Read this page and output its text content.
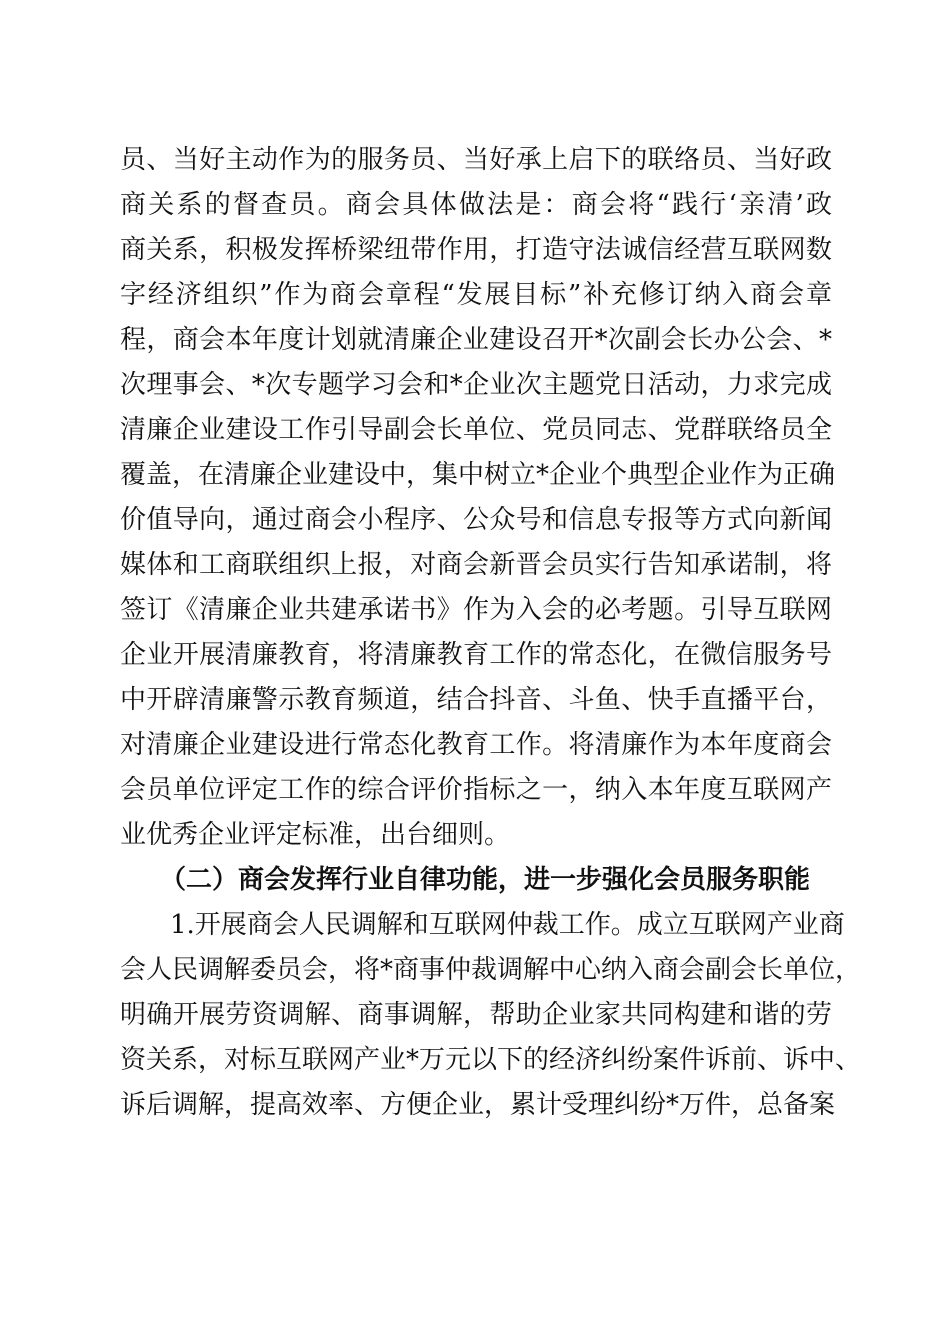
员、当好主动作为的服务员、当好承上启下的联络员、当好政
商关系的督查员。商会具体做法是：商会将“践行‘亲清’政
商关系，积极发挥桥梁纽带作用，打造守法诚信经营互联网数
字经济组织”作为商会章程“发展目标”补充修订纳入商会章
程，商会本年度计划就清廉企业建设召开*次副会长办公会、*
次理事会、*次专题学习会和*企业次主题党日活动，力求完成
清廉企业建设工作引导副会长单位、党员同志、党群联络员全
覆盖，在清廉企业建设中，集中树立*企业个典型企业作为正确
价值导向，通过商会小程序、公众号和信息专报等方式向新闻
媒体和工商联组织上报，对商会新晋会员实行告知承诺制，将
签订《清廉企业共建承诺书》作为入会的必考题。引导互联网
企业开展清廉教育，将清廉教育工作的常态化，在微信服务号
中开辟清廉警示教育频道，结合抖音、斗鱼、快手直播平台，
对清廉企业建设进行常态化教育工作。将清廉作为本年度商会
会员单位评定工作的综合评价指标之一，纳入本年度互联网产
业优秀企业评定标准，出台细则。
（二）商会发挥行业自律功能，进一步强化会员服务职能
1.开展商会人民调解和互联网仲裁工作。成立互联网产业商
会人民调解委员会，将*商事仲裁调解中心纳入商会副会长单位，
明确开展劳资调解、商事调解，帮助企业家共同构建和谐的劳
资关系，对标互联网产业*万元以下的经济纠纷案件诉前、诉中、
诉后调解，提高效率、方便企业，累计受理纠纷*万件，总备案
